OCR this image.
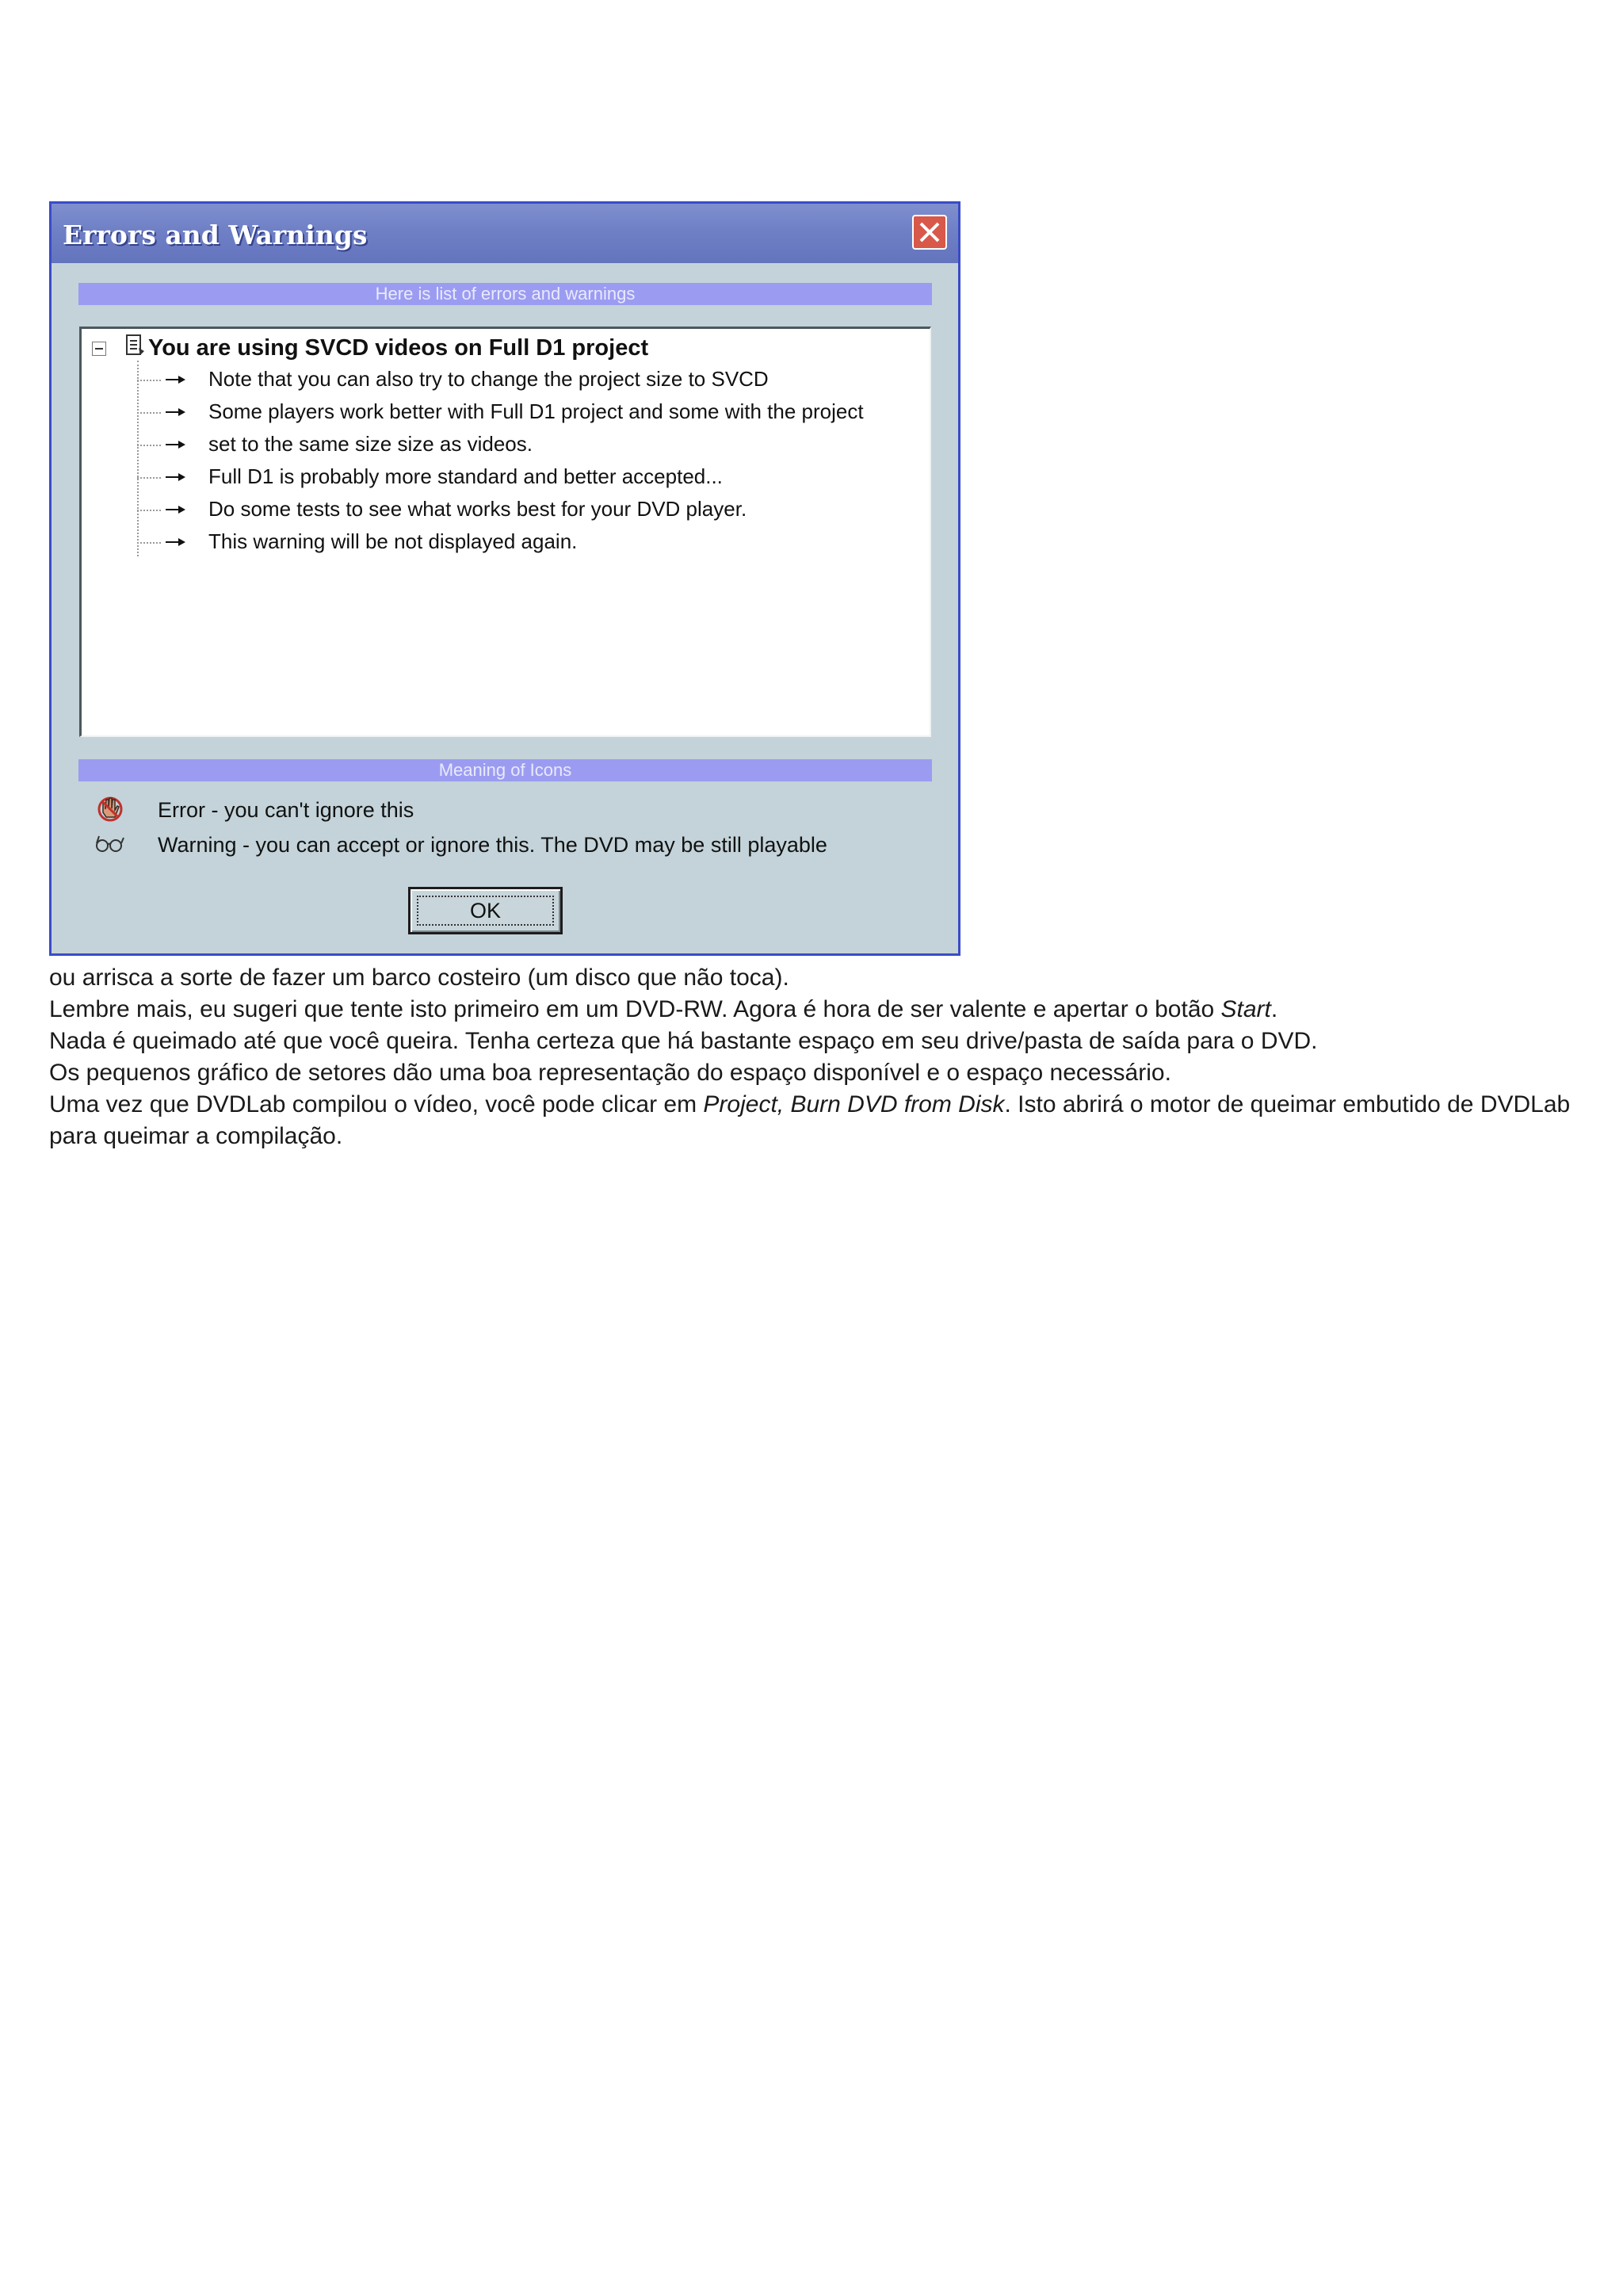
Errors and Warnings
Here is list of errors and warnings
You are using SVCD videos on Full D1 project
Note that you can also try to change the project size to SVCD
Some players work better with Full D1 project and some with the project
set to the same size size as videos.
Full D1 is probably more standard and better accepted...
Do some tests to see what works best for your DVD player.
This warning will be not displayed again.
Meaning of Icons
Error - you can't ignore this
Warning - you can accept or ignore this. The DVD may be still playable
OK

ou arrisca a sorte de fazer um barco costeiro (um disco que não toca).

Lembre mais, eu sugeri que tente isto primeiro em um DVD-RW. Agora é hora de ser valente e apertar o botão Start.

Nada é queimado até que você queira. Tenha certeza que há bastante espaço em seu drive/pasta de saída para o DVD.

Os pequenos gráfico de setores dão uma boa representação do espaço disponível e o espaço necessário.

Uma vez que DVDLab compilou o vídeo, você pode clicar em Project, Burn DVD from Disk. Isto abrirá o motor de queimar embutido de DVDLab para queimar a compilação.
